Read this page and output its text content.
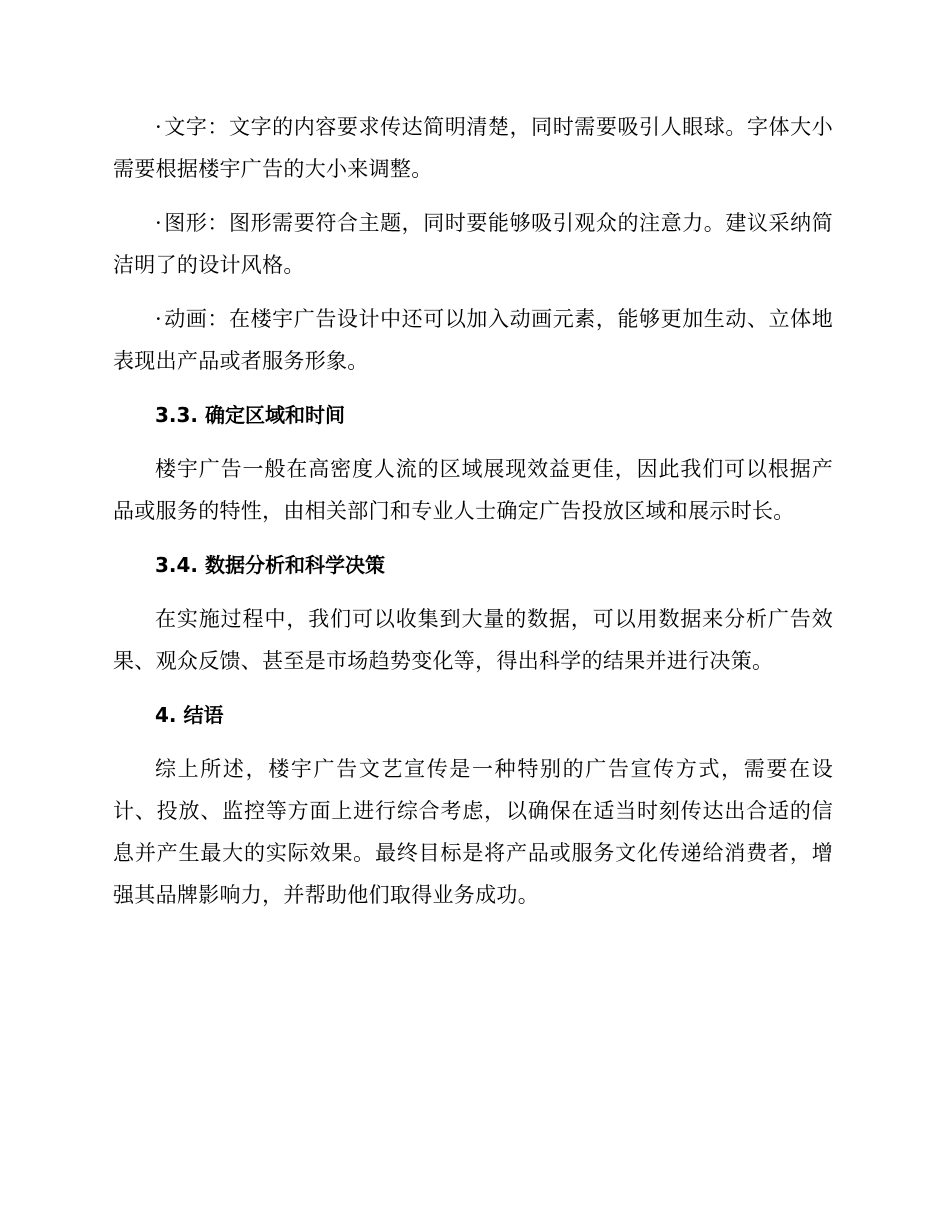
·文字：文字的内容要求传达简明清楚，同时需要吸引人眼球。字体大小需要根据楼宇广告的大小来调整。

·图形：图形需要符合主题，同时要能够吸引观众的注意力。建议采纳简洁明了的设计风格。

·动画：在楼宇广告设计中还可以加入动画元素，能够更加生动、立体地表现出产品或者服务形象。

3.3. 确定区域和时间

楼宇广告一般在高密度人流的区域展现效益更佳，因此我们可以根据产品或服务的特性，由相关部门和专业人士确定广告投放区域和展示时长。

3.4. 数据分析和科学决策

在实施过程中，我们可以收集到大量的数据，可以用数据来分析广告效果、观众反馈、甚至是市场趋势变化等，得出科学的结果并进行决策。

4. 结语

综上所述，楼宇广告文艺宣传是一种特别的广告宣传方式，需要在设计、投放、监控等方面上进行综合考虑，以确保在适当时刻传达出合适的信息并产生最大的实际效果。最终目标是将产品或服务文化传递给消费者，增强其品牌影响力，并帮助他们取得业务成功。
